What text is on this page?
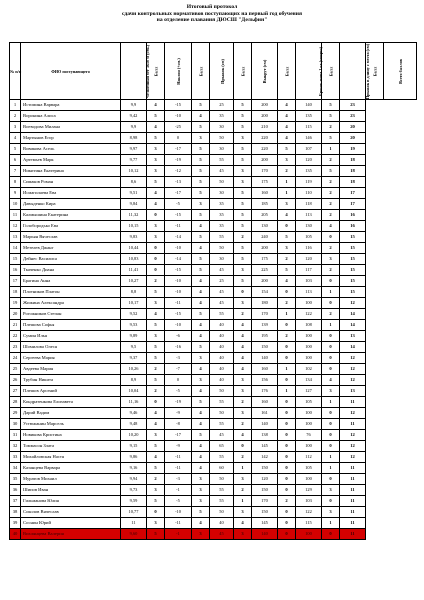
Итоговый протокол
сдачи контрольных нормативов поступающих на первый год обучения
на отделение плавания ДЮСШ "Дельфин"
№ п/п	ФИО поступающего	Челночный бег 3х10 м (сек.)	Балл	Наклон (+см.)	Балл	Прыжок (см)	Балл	Выкрут (см)	Балл	Бросок мяча 1 кг (метры)	Балл	Прыжок в длину с места (см)	Балл	Всего баллов
1	Истомина Варвара	9,9	4	-15	5	25	5	200	4	140	5	23		
2	Воронина Алиса	9,42	5	-10	4	35	5	200	4	135	5	23		
3	Воеводова Милана	9,9	4	-25	5	30	5	210	4	115	2	20		
4	Мартынов Егор	8,98	5	0	3	50	3	220	4	146	5	20		
5	Вовикова Асель	9,97	3	-17	5	30	5	220	5	107	1	19		
6	Артемьев Марк	9,77	3	-19	5	55	5	200	3	120	2	18		
7	Никитина Екатерина	10,12	3	-12	5	45	3	170	2	135	5	18		
8	Симаков Роман	8,6	5	-13	5	50	3	175	1	119	2	18		
9	Исмагилаева Ева	9,51	4	-17	5	30	5	160	1	110	2	17		
10	Давыденко Кира	9,84	4	-5	3	35	5	185	3	118	2	17		
11	Калмышина Екатерина	11,32	0	-15	5	35	5	205	4	113	2	16		
12	Голобородько Ева	10,15	3	-11	4	35	5	130	0	130	4	16		
13	Марьян Вячеслав	9,83	3	-14	5	55	2	240	5	105	0	15		
14	Метелев Джанг	10,44	0	-10	4	50	5	200	3	116	2	15		
15	Дейнес Василиса	10,83	0	-14	5	30	5	175	2	120	3	15		
16	Ткаченко Диана	11,41	0	-15	5	45	3	225	5	117	2	15		
17	Брагина Анна	10,27	2	-10	4	25	5	200	4	103	0	15		
18	Плотников Платон	8,8	5	-10	4	45	0	154	0	113	1	15		
19	Жижина Александра	10,17	3	-11	4	45	3	180	2	100	0	12		
20	Рогожников Степан	9,52	4	-15	5	55	2	170	1	122	2	14		
21	Плешова Софья	9,53	5	-10	4	40	4	139	0	108	1	14		
22	Сумин Илья	9,89	3	-6	4	40	4	195	2	100	0	13		
23	Шомилова Олеся	9,5	5	-16	5	40	4	150	0	100	0	14		
24	Сергеева Мария	9,37	5	-3	3	40	4	140	0	100	0	12		
25	Авдеева Мария	10,26	2	-7	4	40	4	160	1	102	0	12		
26	Трубин Никита	8,9	5	0	3	40	3	156	0	134	4	12		
27	Плешов Арсений	10,04	2	-5	4	50	3	176	1	127	3	13		
28	Кондратенкова Елизавета	11,16	0	-19	5	55	2	160	0	105	1	11		
29	Дарий Вадим	9,46	4	-9	4	50	3	161	0	100	0	12		
30	Устюжанин Марсель	9,48	4	-8	4	55	2	140	0	100	0	11		
31	Новикова Кристина	10,20	3	-17	5	45	4	138	0	76	0	12		
32	Томмасон Злата	9,15	5	-9	4	65	0	145	0	100	0	12		
33	Михайловская Настя	9,86	4	-11	4	55	2	142	0	112	1	12		
34	Казанцева Варвара	9,16	5	-11	4	60	1	150	0	105	1	11		
35	Муратов Михаил	9,94	2	-3	3	50	3	120	0	100	0	11		
36	Шипов Иван	9,73	3	-1	3	55	2	150	0	129	3	11		
37	Гильманова Юлия	9,59	5	-5	3	55	1	170	2	103	0	11		
38	Соколов Вячеслав	10,77	0	-10	5	50	3	150	0	122	3	11		
39	Соснин Юрий	11	3	-11	4	40	4	145	0	115	1	11		
40	Вихлянцева Валерия	9,60	5	-1	3	45	3	140	0	100	0	11		
